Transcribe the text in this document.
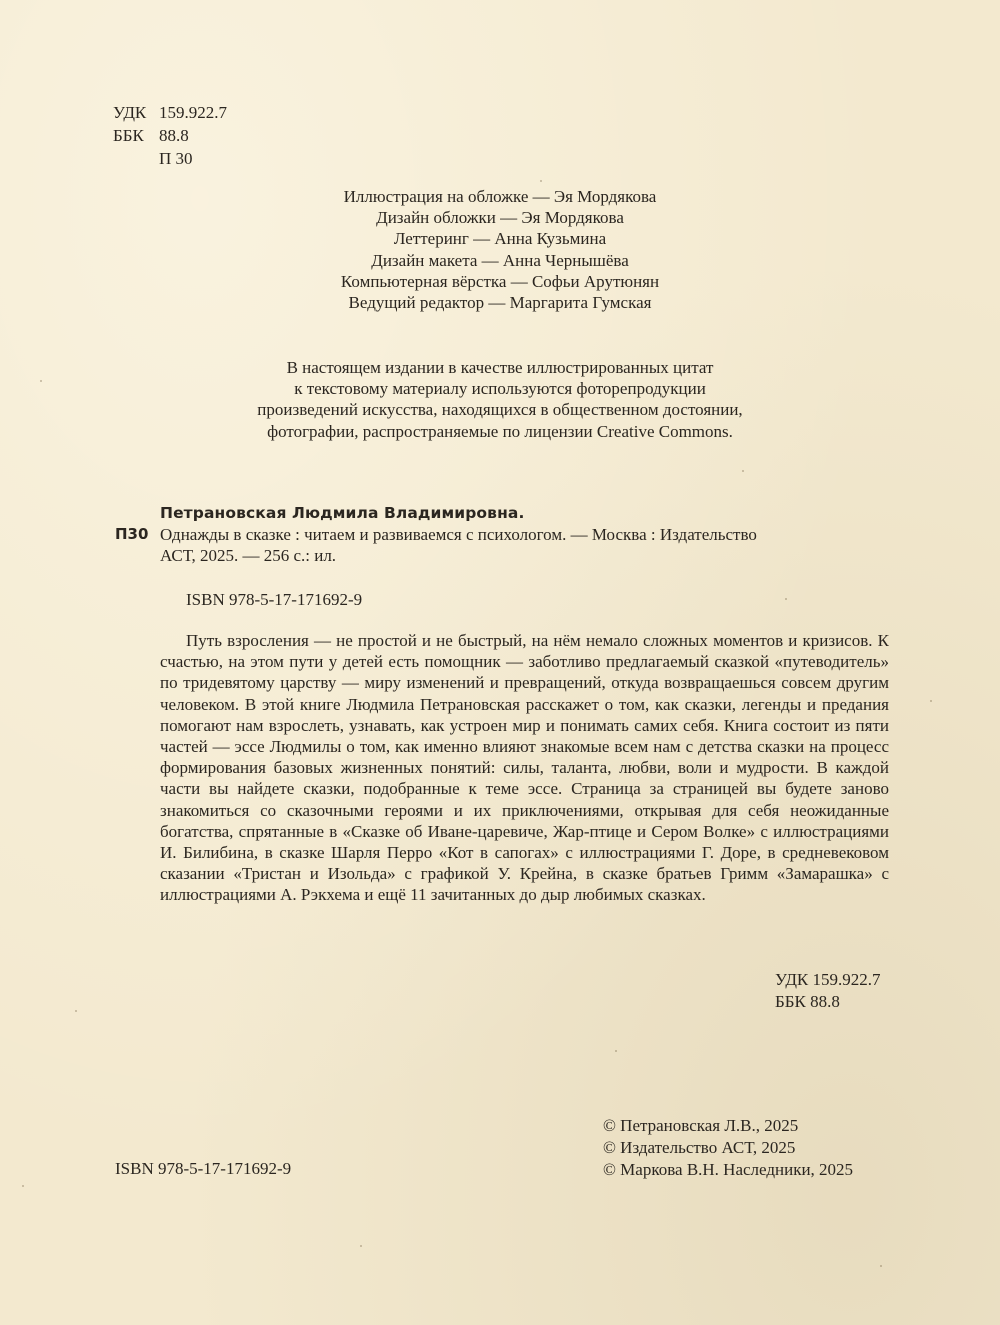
УДК 159.922.7
ББК 88.8
П 30
Иллюстрация на обложке — Эя Мордякова
Дизайн обложки — Эя Мордякова
Леттеринг — Анна Кузьмина
Дизайн макета — Анна Чернышёва
Компьютерная вёрстка — Софьи Арутюнян
Ведущий редактор — Маргарита Гумская
В настоящем издании в качестве иллюстрированных цитат
к текстовому материалу используются фоторепродукции
произведений искусства, находящихся в общественном достоянии,
фотографии, распространяемые по лицензии Creative Commons.
Петрановская Людмила Владимировна.
П30 Однажды в сказке : читаем и развиваемся с психологом. — Москва : Издательство
АСТ, 2025. — 256 с.: ил.
ISBN 978-5-17-171692-9
Путь взросления — не простой и не быстрый, на нём немало сложных моментов и кризисов. К счастью, на этом пути у детей есть помощник — заботливо предлагаемый сказкой «путеводитель» по тридевятому царству — миру изменений и превращений, откуда возвращаешься совсем другим человеком. В этой книге Людмила Петрановская расскажет о том, как сказки, легенды и предания помогают нам взрослеть, узнавать, как устроен мир и понимать самих себя. Книга состоит из пяти частей — эссе Людмилы о том, как именно влияют знакомые всем нам с детства сказки на процесс формирования базовых жизненных понятий: силы, таланта, любви, воли и мудрости. В каждой части вы найдете сказки, подобранные к теме эссе. Страница за страницей вы будете заново знакомиться со сказочными героями и их приключениями, открывая для себя неожиданные богатства, спрятанные в «Сказке об Иване-царевиче, Жар-птице и Сером Волке» с иллюстрациями И. Билибина, в сказке Шарля Перро «Кот в сапогах» с иллюстрациями Г. Доре, в средневековом сказании «Тристан и Изольда» с графикой У. Крейна, в сказке братьев Гримм «Замарашка» с иллюстрациями А. Рэкхема и ещё 11 зачитанных до дыр любимых сказках.
УДК 159.922.7
ББК 88.8
ISBN 978-5-17-171692-9
© Петрановская Л.В., 2025
© Издательство АСТ, 2025
© Маркова В.Н. Наследники, 2025
